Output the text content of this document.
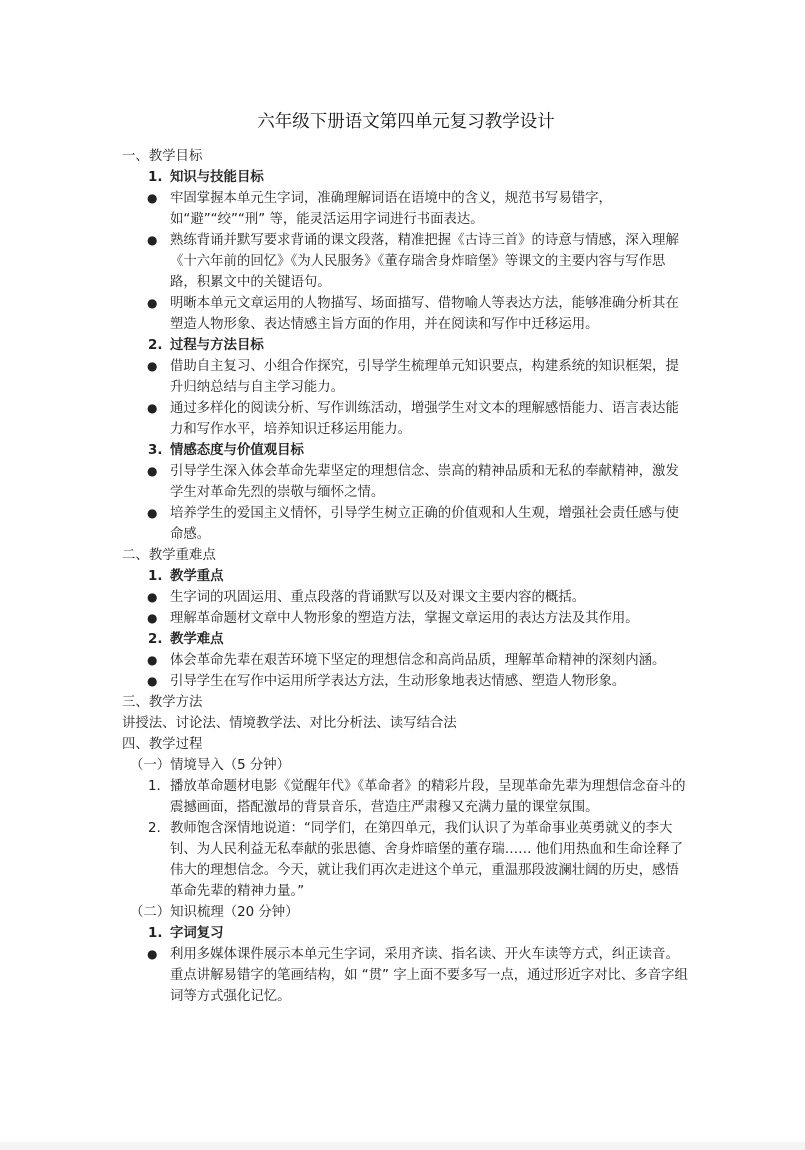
六年级下册语文第四单元复习教学设计

一、教学目标

1. 知识与技能目标

● 牢固掌握本单元生字词，准确理解词语在语境中的含义，规范书写易错字，如“避”“绞”“刑” 等，能灵活运用字词进行书面表达。

● 熟练背诵并默写要求背诵的课文段落，精准把握《古诗三首》的诗意与情感，深入理解《十六年前的回忆》《为人民服务》《董存瑞舍身炸暗堡》等课文的主要内容与写作思路，积累文中的关键语句。

● 明晰本单元文章运用的人物描写、场面描写、借物喻人等表达方法，能够准确分析其在塑造人物形象、表达情感主旨方面的作用，并在阅读和写作中迁移运用。

2. 过程与方法目标

● 借助自主复习、小组合作探究，引导学生梳理单元知识要点，构建系统的知识框架，提升归纳总结与自主学习能力。

● 通过多样化的阅读分析、写作训练活动，增强学生对文本的理解感悟能力、语言表达能力和写作水平，培养知识迁移运用能力。

3. 情感态度与价值观目标

● 引导学生深入体会革命先辈坚定的理想信念、崇高的精神品质和无私的奉献精神，激发学生对革命先烈的崇敬与缅怀之情。

● 培养学生的爱国主义情怀，引导学生树立正确的价值观和人生观，增强社会责任感与使命感。

二、教学重难点

1. 教学重点

● 生字词的巩固运用、重点段落的背诵默写以及对课文主要内容的概括。

● 理解革命题材文章中人物形象的塑造方法，掌握文章运用的表达方法及其作用。

2. 教学难点

● 体会革命先辈在艰苦环境下坚定的理想信念和高尚品质，理解革命精神的深刻内涵。

● 引导学生在写作中运用所学表达方法，生动形象地表达情感、塑造人物形象。

三、教学方法

讲授法、讨论法、情境教学法、对比分析法、读写结合法

四、教学过程

（一）情境导入（5 分钟）

1. 播放革命题材电影《觉醒年代》《革命者》的精彩片段，呈现革命先辈为理想信念奋斗的震撼画面，搭配激昂的背景音乐，营造庄严肃穆又充满力量的课堂氛围。

2. 教师饱含深情地说道：“同学们，在第四单元，我们认识了为革命事业英勇就义的李大钊、为人民利益无私奉献的张思德、舍身炸暗堡的董存瑞…… 他们用热血和生命诠释了伟大的理想信念。今天，就让我们再次走进这个单元，重温那段波澜壮阔的历史，感悟革命先辈的精神力量。”

（二）知识梳理（20 分钟）

1. 字词复习

● 利用多媒体课件展示本单元生字词，采用齐读、指名读、开火车读等方式，纠正读音。重点讲解易错字的笔画结构，如 “贯” 字上面不要多写一点，通过形近字对比、多音字组词等方式强化记忆。
